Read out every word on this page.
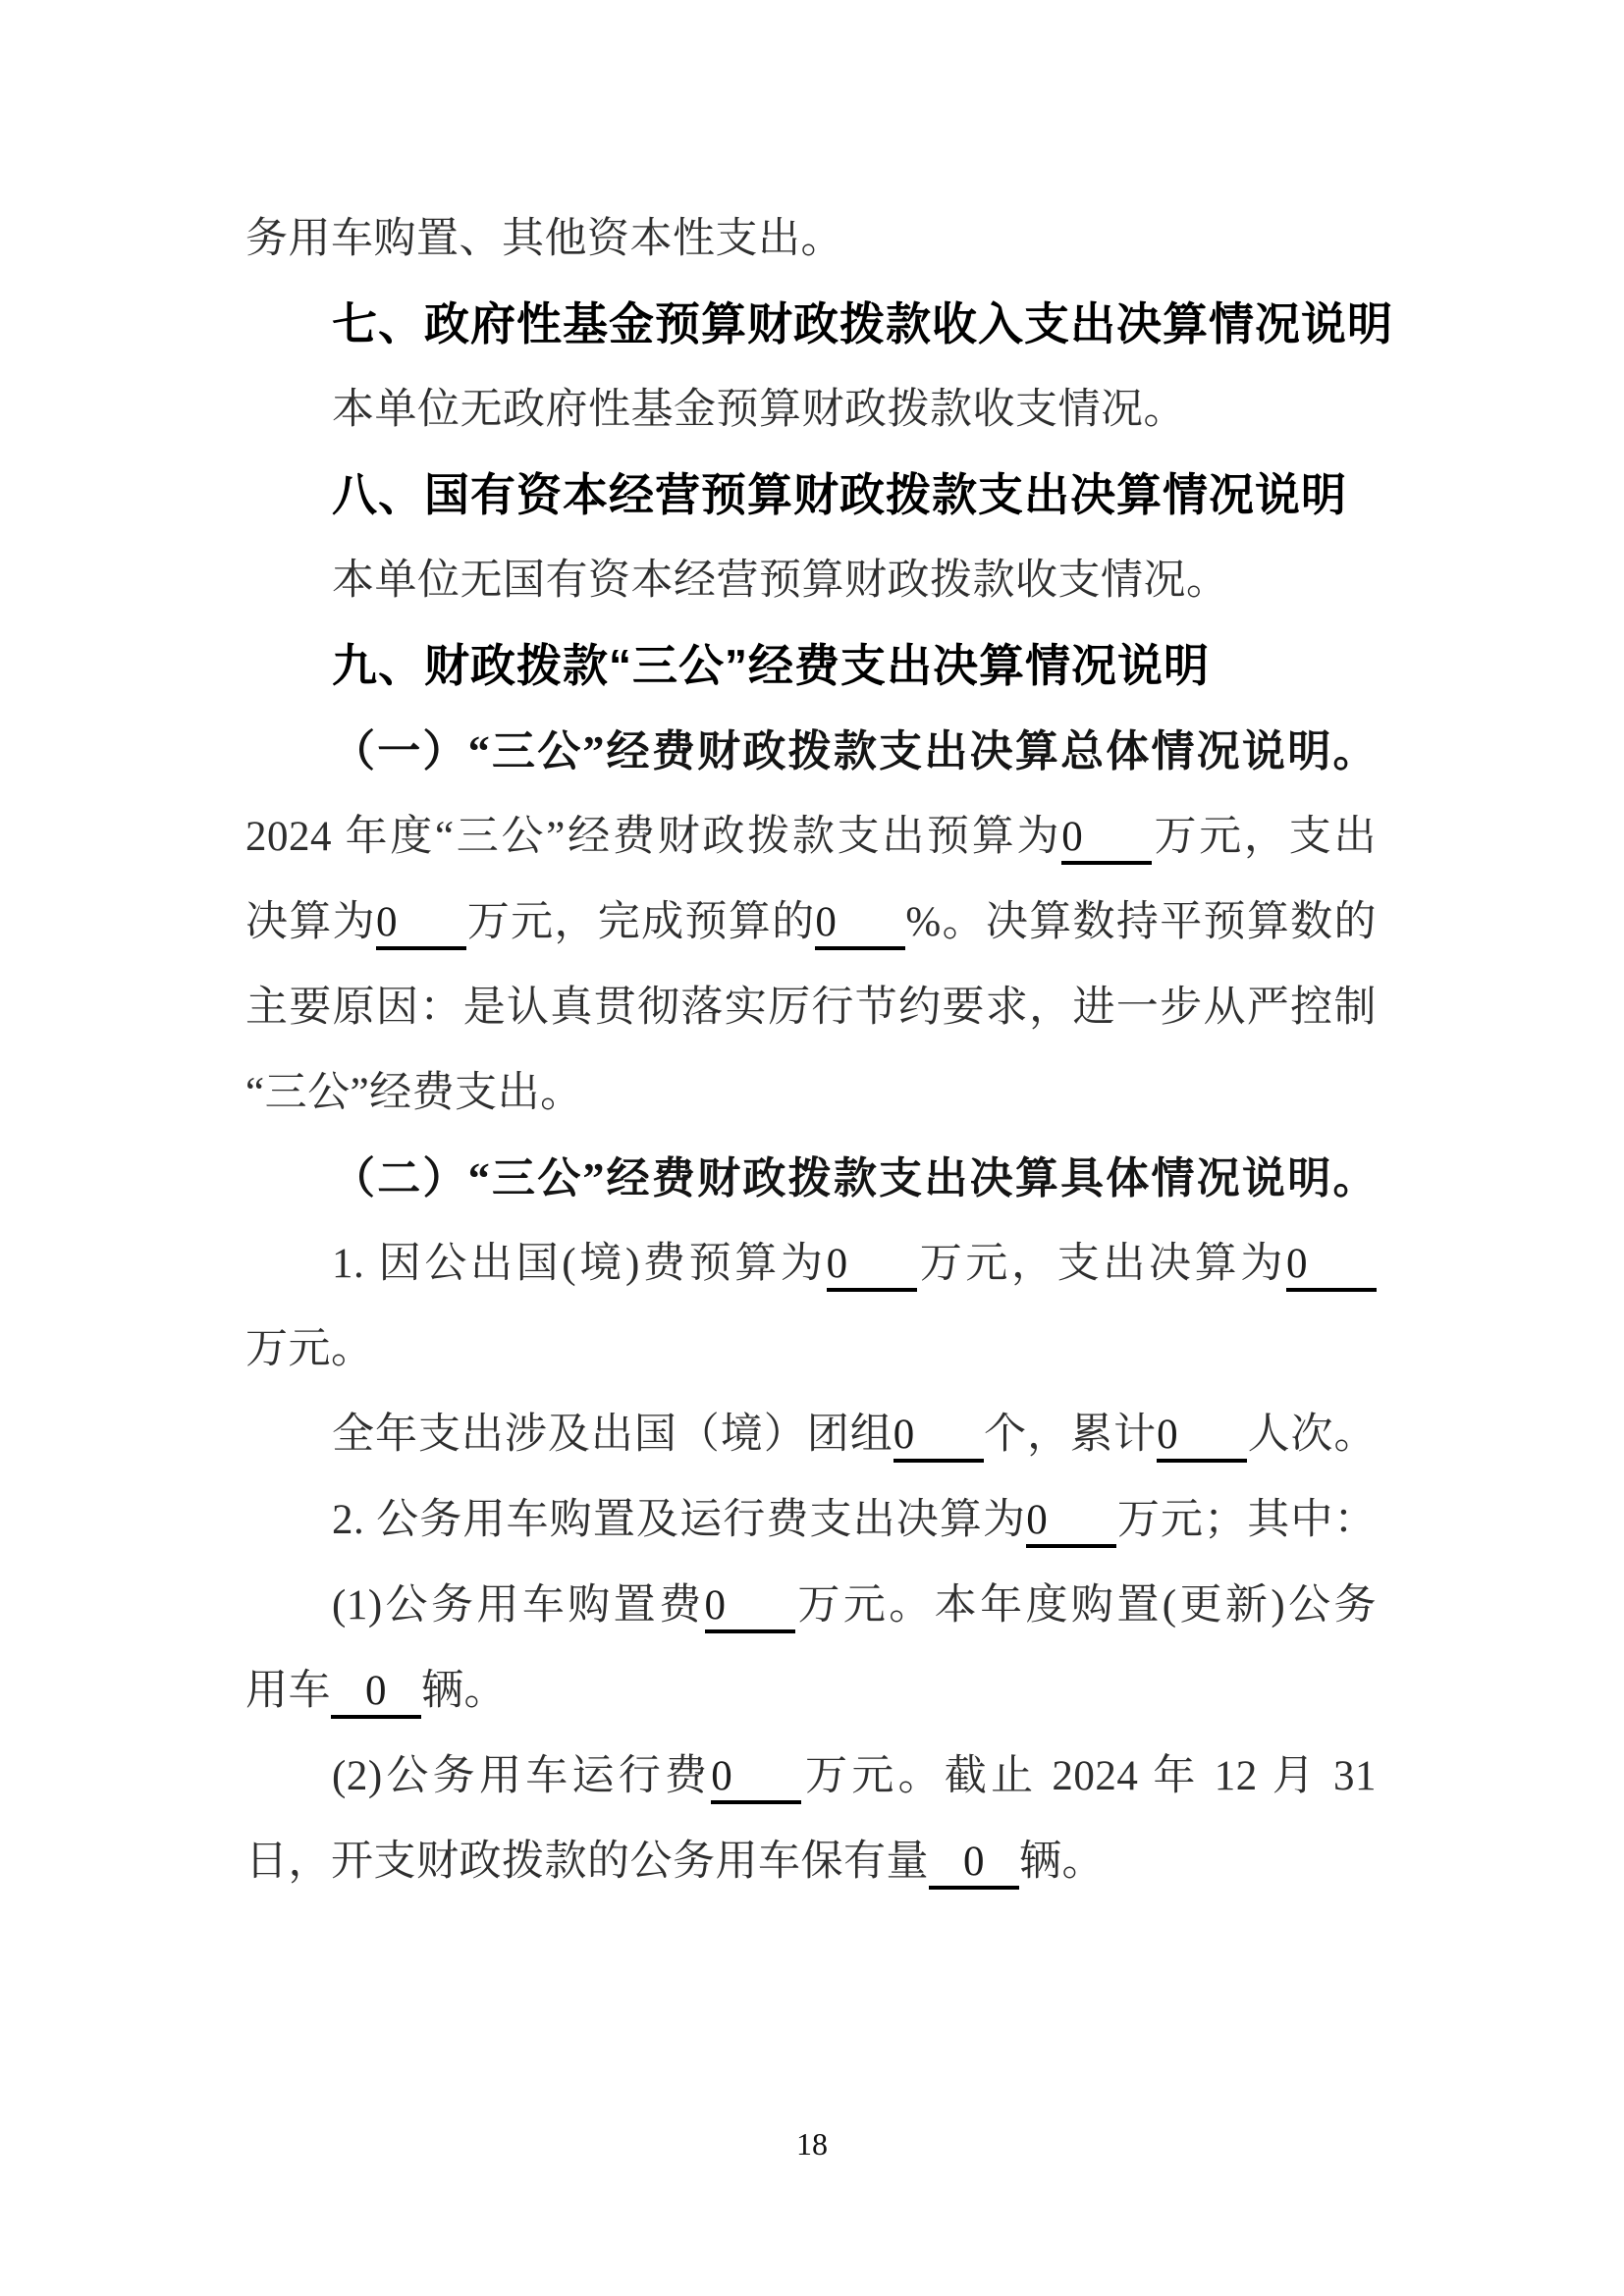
务用车购置、其他资本性支出。
七、政府性基金预算财政拨款收入支出决算情况说明
本单位无政府性基金预算财政拨款收支情况。
八、国有资本经营预算财政拨款支出决算情况说明
本单位无国有资本经营预算财政拨款收支情况。
九、财政拨款“三公”经费支出决算情况说明
（一）“三公”经费财政拨款支出决算总体情况说明。
2024 年度“三公”经费财政拨款支出预算为0 万元，支出
决算为0 万元，完成预算的0 %。决算数持平预算数的
主要原因：是认真贯彻落实厉行节约要求，进一步从严控制
“三公”经费支出。
（二）“三公”经费财政拨款支出决算具体情况说明。
1. 因公出国(境)费预算为0 万元，支出决算为0
万元。
全年支出涉及出国（境）团组0 个，累计0 人次。
2. 公务用车购置及运行费支出决算为0 万元；其中：
(1)公务用车购置费0 万元。本年度购置(更新)公务
用车 0 辆。
(2)公务用车运行费0 万元。截止 2024 年 12 月 31
日，开支财政拨款的公务用车保有量 0 辆。
18
